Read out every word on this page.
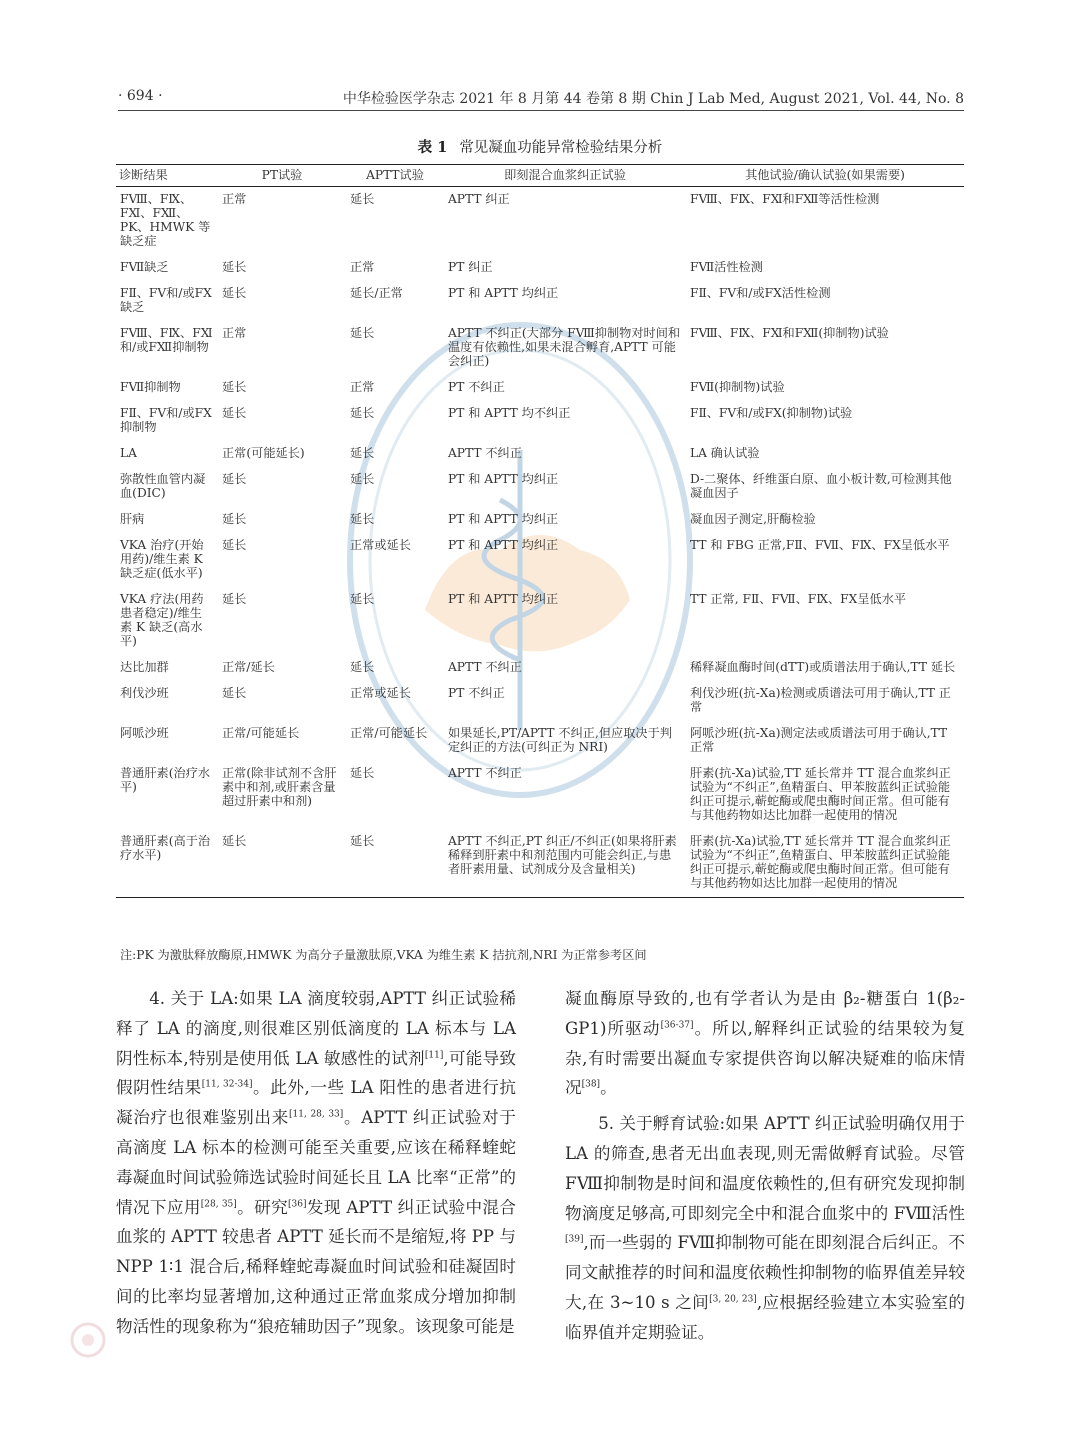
· 694 ·	中华检验医学杂志 2021 年 8 月第 44 卷第 8 期 Chin J Lab Med, August 2021, Vol. 44, No. 8
表 1 常见凝血功能异常检验结果分析
诊断结果	PT试验	APTT试验	即刻混合血浆纠正试验	其他试验/确认试验(如果需要)
FⅧ、FⅨ、FⅪ、FⅫ、PK、HMWK 等缺乏症	正常	延长	APTT 纠正	FⅧ、FⅨ、FⅪ和FⅫ等活性检测
FⅦ缺乏	延长	正常	PT 纠正	FⅦ活性检测
FⅡ、FⅤ和/或FⅩ缺乏	延长	延长/正常	PT 和 APTT 均纠正	FⅡ、FⅤ和/或FⅩ活性检测
FⅧ、FⅨ、FⅪ和/或FⅫ抑制物	正常	延长	APTT 不纠正(大部分 FⅧ抑制物对时间和温度有依赖性,如果未混合孵育,APTT 可能会纠正)	FⅧ、FⅨ、FⅪ和FⅫ(抑制物)试验
FⅦ抑制物	延长	正常	PT 不纠正	FⅦ(抑制物)试验
FⅡ、FⅤ和/或FⅩ抑制物	延长	延长	PT 和 APTT 均不纠正	FⅡ、FⅤ和/或FⅩ(抑制物)试验
LA	正常(可能延长)	延长	APTT 不纠正	LA 确认试验
弥散性血管内凝血(DIC)	延长	延长	PT 和 APTT 均纠正	D-二聚体、纤维蛋白原、血小板计数,可检测其他凝血因子
肝病	延长	延长	PT 和 APTT 均纠正	凝血因子测定,肝酶检验
VKA 治疗(开始用药)/维生素 K 缺乏症(低水平)	延长	正常或延长	PT 和 APTT 均纠正	TT 和 FBG 正常,FⅡ、FⅦ、FⅨ、FⅩ呈低水平
VKA 疗法(用药患者稳定)/维生素 K 缺乏(高水平)	延长	延长	PT 和 APTT 均纠正	TT 正常, FⅡ、FⅦ、FⅨ、FⅩ呈低水平
达比加群	正常/延长	延长	APTT 不纠正	稀释凝血酶时间(dTT)或质谱法用于确认,TT 延长
利伐沙班	延长	正常或延长	PT 不纠正	利伐沙班(抗-Xa)检测或质谱法可用于确认,TT 正常
阿哌沙班	正常/可能延长	正常/可能延长	如果延长,PT/APTT 不纠正,但应取决于判定纠正的方法(可纠正为 NRI)	阿哌沙班(抗-Xa)测定法或质谱法可用于确认,TT 正常
普通肝素(治疗水平)	正常(除非试剂不含肝素中和剂,或肝素含量超过肝素中和剂)	延长	APTT 不纠正	肝素(抗-Xa)试验,TT 延长常并 TT 混合血浆纠正试验为“不纠正”,鱼精蛋白、甲苯胺蓝纠正试验能纠正可提示,蕲蛇酶或爬虫酶时间正常。但可能有与其他药物如达比加群一起使用的情况
普通肝素(高于治疗水平)	延长	延长	APTT 不纠正,PT 纠正/不纠正(如果将肝素稀释到肝素中和剂范围内可能会纠正,与患者肝素用量、试剂成分及含量相关)	肝素(抗-Xa)试验,TT 延长常并 TT 混合血浆纠正试验为“不纠正”,鱼精蛋白、甲苯胺蓝纠正试验能纠正可提示,蕲蛇酶或爬虫酶时间正常。但可能有与其他药物如达比加群一起使用的情况
注:PK 为激肽释放酶原,HMWK 为高分子量激肽原,VKA 为维生素 K 拮抗剂,NRI 为正常参考区间

4. 关于 LA:如果 LA 滴度较弱,APTT 纠正试验稀释了 LA 的滴度,则很难区别低滴度的 LA 标本与 LA 阴性标本,特别是使用低 LA 敏感性的试剂[11],可能导致假阴性结果[11, 32-34]。此外,一些 LA 阳性的患者进行抗凝治疗也很难鉴别出来[11, 28, 33]。APTT 纠正试验对于高滴度 LA 标本的检测可能至关重要,应该在稀释蝰蛇毒凝血时间试验筛选试验时间延长且 LA 比率“正常”的情况下应用[28, 35]。研究[36]发现 APTT 纠正试验中混合血浆的 APTT 较患者 APTT 延长而不是缩短,将 PP 与 NPP 1∶1 混合后,稀释蝰蛇毒凝血时间试验和硅凝固时间的比率均显著增加,这种通过正常血浆成分增加抑制物活性的现象称为“狼疮辅助因子”现象。该现象可能是

凝血酶原导致的,也有学者认为是由 β₂-糖蛋白 1(β₂-GP1)所驱动[36-37]。所以,解释纠正试验的结果较为复杂,有时需要出凝血专家提供咨询以解决疑难的临床情况[38]。

5. 关于孵育试验:如果 APTT 纠正试验明确仅用于 LA 的筛查,患者无出血表现,则无需做孵育试验。尽管 FⅧ抑制物是时间和温度依赖性的,但有研究发现抑制物滴度足够高,可即刻完全中和混合血浆中的 FⅧ活性[39],而一些弱的 FⅧ抑制物可能在即刻混合后纠正。不同文献推荐的时间和温度依赖性抑制物的临界值差异较大,在 3~10 s 之间[3, 20, 23],应根据经验建立本实验室的临界值并定期验证。
